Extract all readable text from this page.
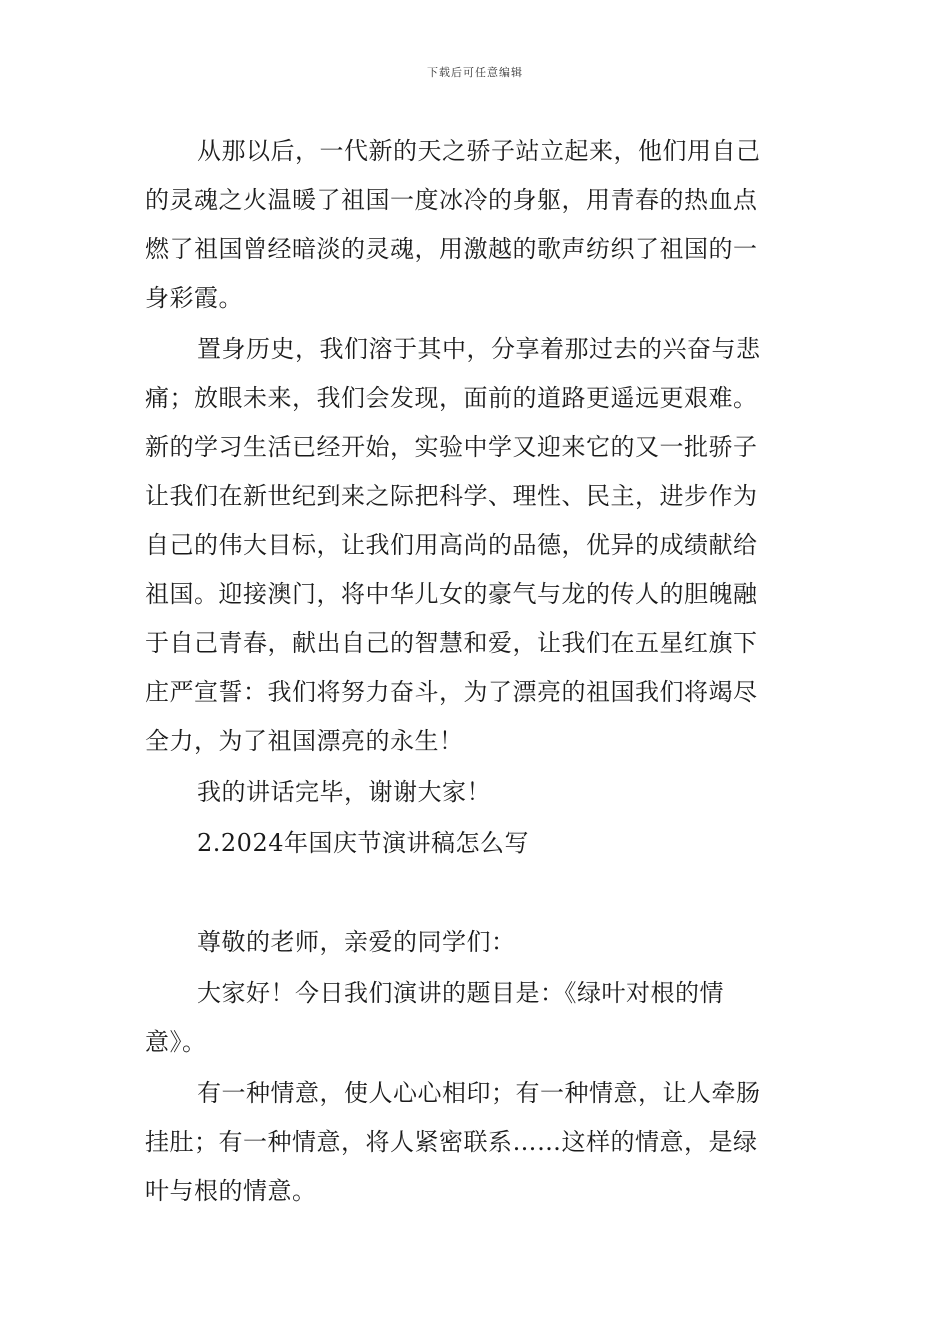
下载后可任意编辑
从那以后，一代新的天之骄子站立起来，他们用自己
的灵魂之火温暖了祖国一度冰冷的身躯，用青春的热血点
燃了祖国曾经暗淡的灵魂，用激越的歌声纺织了祖国的一
身彩霞。
置身历史，我们溶于其中，分享着那过去的兴奋与悲
痛；放眼未来，我们会发现，面前的道路更遥远更艰难。
新的学习生活已经开始，实验中学又迎来它的又一批骄子
让我们在新世纪到来之际把科学、理性、民主，进步作为
自己的伟大目标，让我们用高尚的品德，优异的成绩献给
祖国。迎接澳门，将中华儿女的豪气与龙的传人的胆魄融
于自己青春，献出自己的智慧和爱，让我们在五星红旗下
庄严宣誓：我们将努力奋斗，为了漂亮的祖国我们将竭尽
全力，为了祖国漂亮的永生！
我的讲话完毕，谢谢大家！
2.2024年国庆节演讲稿怎么写
尊敬的老师，亲爱的同学们：
大家好！今日我们演讲的题目是：《绿叶对根的情
意》。
有一种情意，使人心心相印；有一种情意，让人牵肠
挂肚；有一种情意，将人紧密联系……这样的情意，是绿
叶与根的情意。
